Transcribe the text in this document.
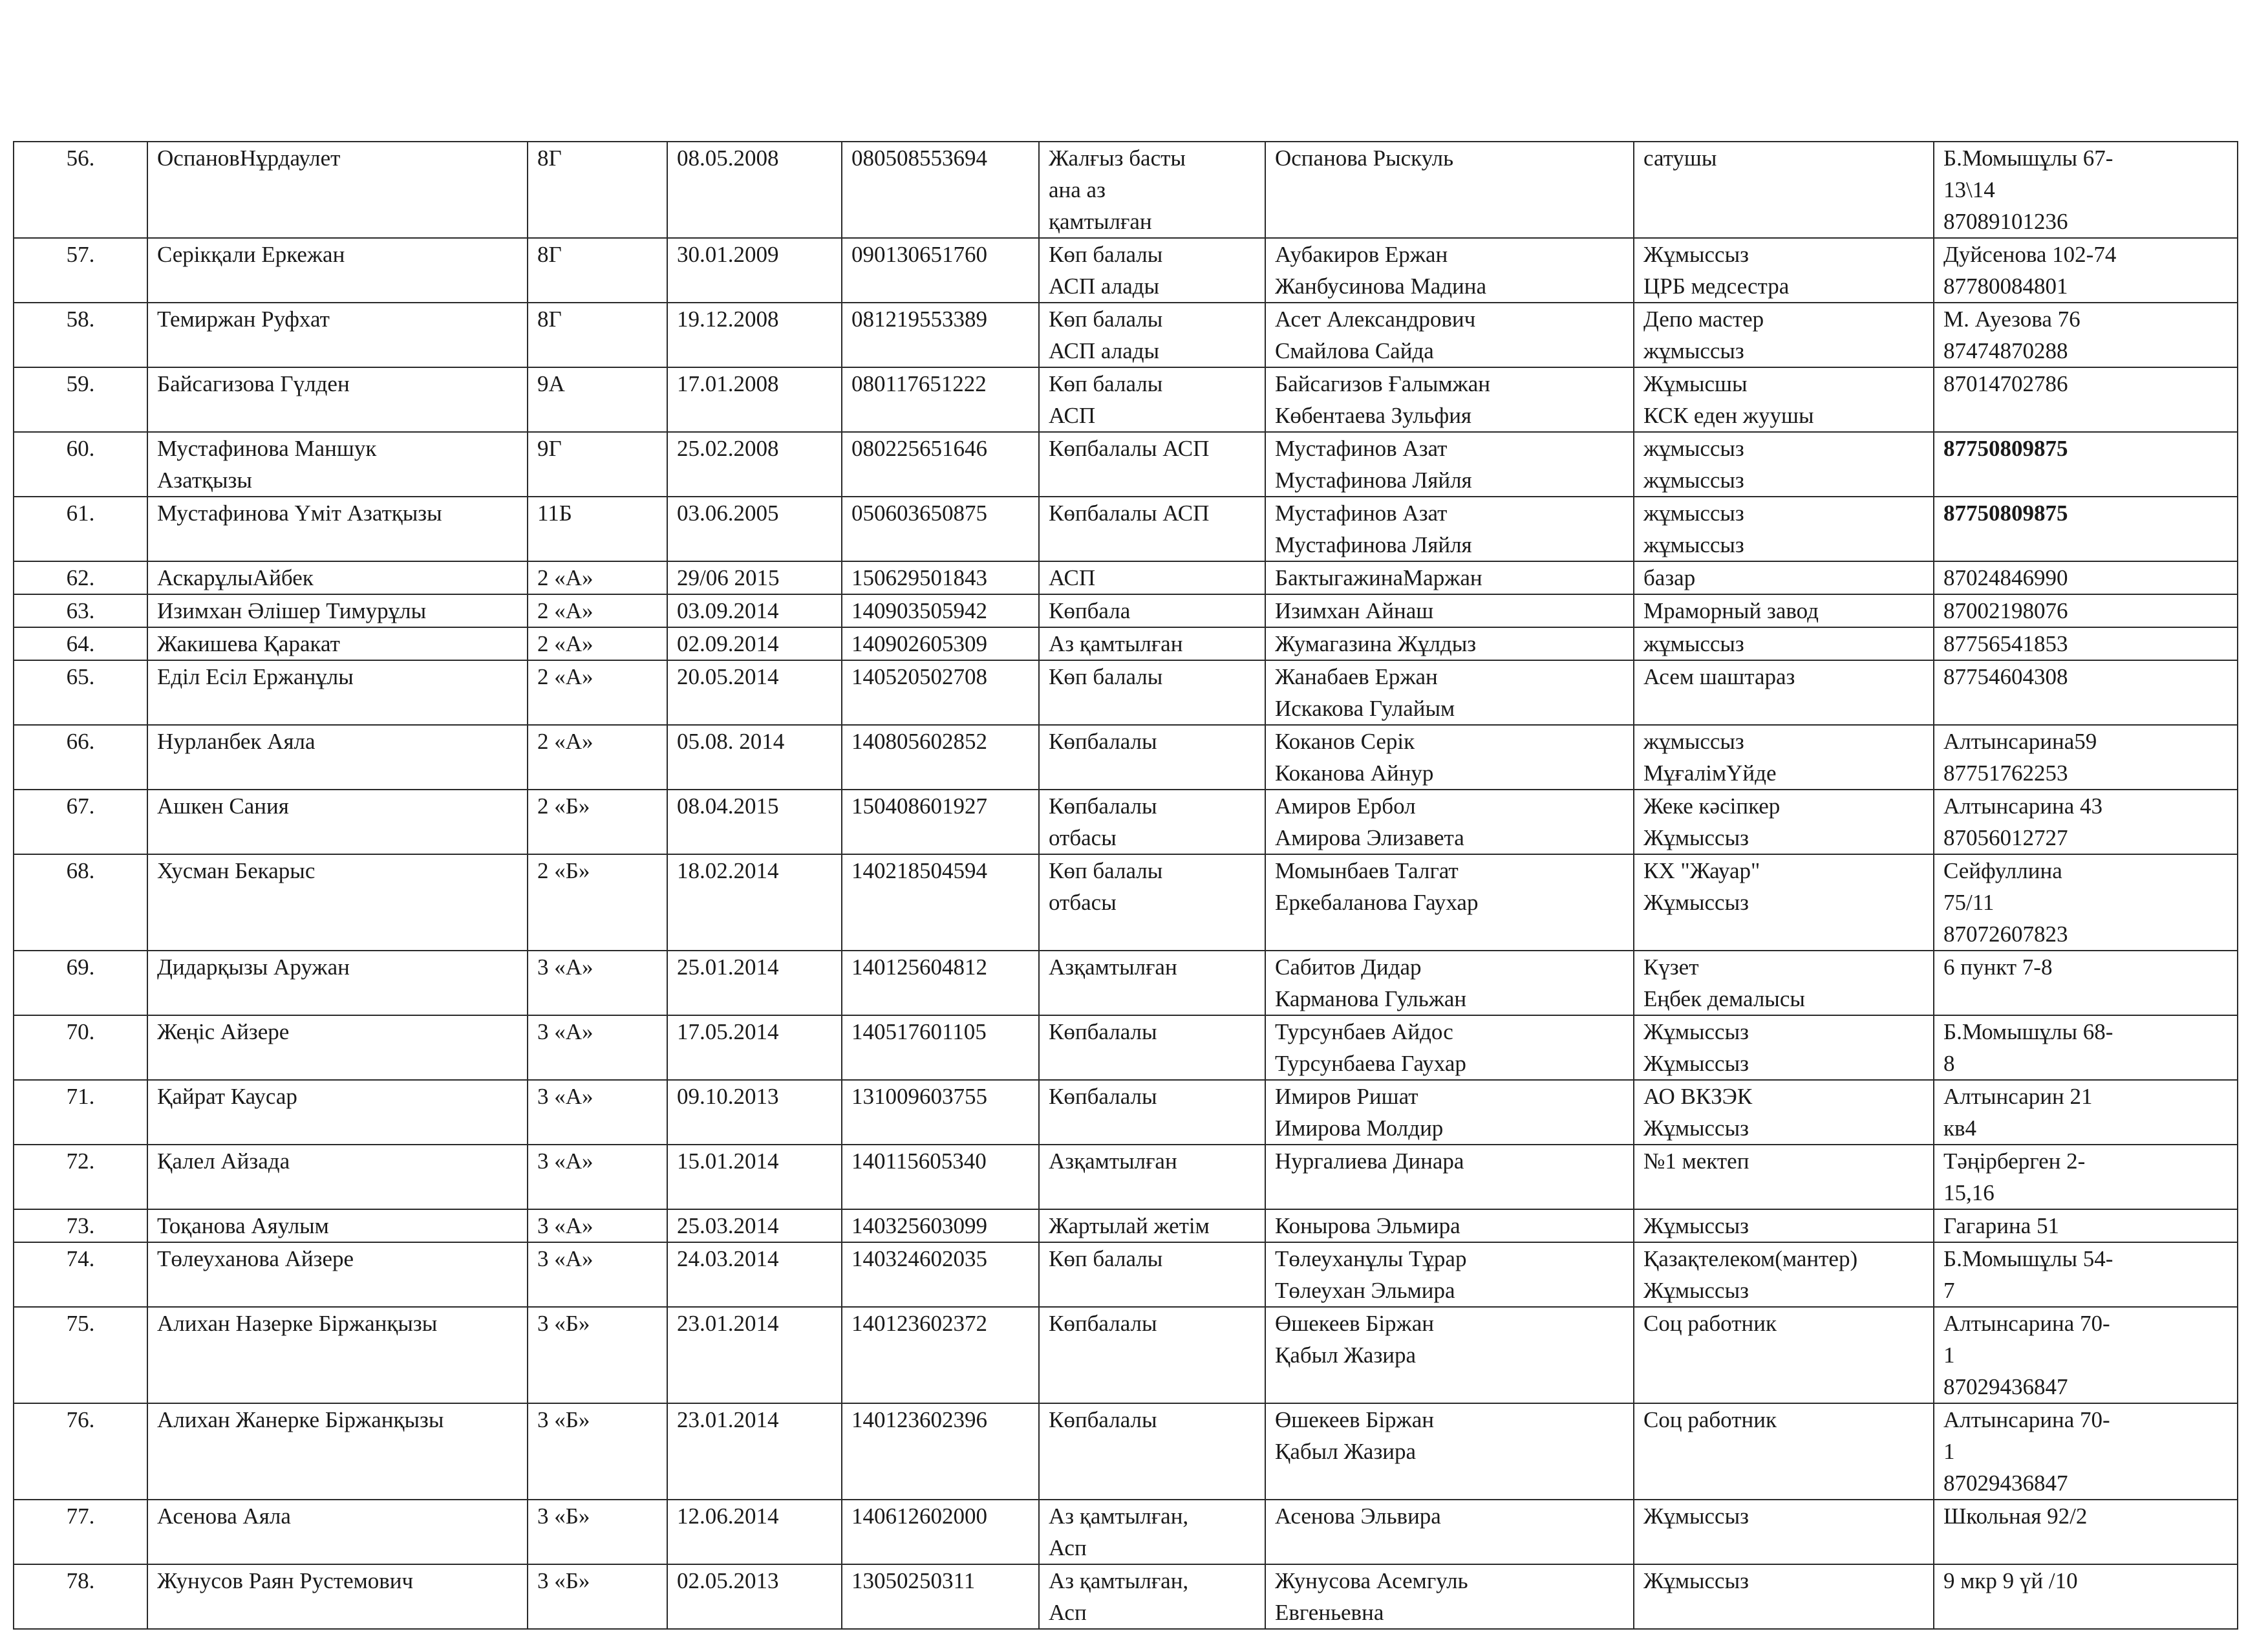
56.	ОспановНұрдаулет	8Г	08.05.2008	080508553694	Жалғыз басты
ана аз
қамтылған	Оспанова Рыскуль	сатушы	Б.Момышұлы 67-
13\14
87089101236
57.	Серікқали Еркежан	8Г	30.01.2009	090130651760	Көп балалы
АСП алады	Аубакиров Ержан
Жанбусинова Мадина	Жұмыссыз
ЦРБ медсестра	Дуйсенова 102-74
87780084801
58.	Темиржан Руфхат	8Г	19.12.2008	081219553389	Көп балалы
АСП алады	Асет Александрович
Смайлова Сайда	Депо мастер
жұмыссыз	М. Ауезова 76
87474870288
59.	Байсагизова Гүлден	9А	17.01.2008	080117651222	Көп балалы
АСП	Байсагизов Ғалымжан
Көбентаева Зульфия	Жұмысшы
КСК еден жуушы	87014702786
60.	Мустафинова Маншук
Азатқызы	9Г	25.02.2008	080225651646	Көпбалалы АСП	Мустафинов Азат
Мустафинова Ляйля	жұмыссыз
жұмыссыз	87750809875
61.	Мустафинова Үміт Азатқызы	11Б	03.06.2005	050603650875	Көпбалалы АСП	Мустафинов Азат
Мустафинова Ляйля	жұмыссыз
жұмыссыз	87750809875
62.	АскарұлыАйбек	2 «А»	29/06 2015	150629501843	АСП	БактыгажинаМаржан	базар	87024846990
63.	Изимхан Әлішер Тимурұлы	2 «А»	03.09.2014	140903505942	Көпбала	Изимхан Айнаш	Мраморный завод	87002198076
64.	Жакишева Қаракат	2 «А»	02.09.2014	140902605309	Аз қамтылған	Жумагазина Жұлдыз	жұмыссыз	87756541853
65.	Еділ Есіл Ержанұлы	2 «А»	20.05.2014	140520502708	Көп балалы	Жанабаев Ержан
Искакова Гулайым	Асем шаштараз	87754604308
66.	Нурланбек Аяла	2 «А»	05.08. 2014	140805602852	Көпбалалы	Коканов Серік
Коканова Айнур	жұмыссыз
МұғалімҮйде	Алтынсарина59
87751762253
67.	Ашкен Сания	2 «Б»	08.04.2015	150408601927	Көпбалалы
отбасы	Амиров Ербол
Амирова Элизавета	Жеке кәсіпкер
Жұмыссыз	Алтынсарина 43
87056012727
68.	Хусман Бекарыс	2 «Б»	18.02.2014	140218504594	Көп балалы
отбасы	Момынбаев Талгат
Еркебаланова Гаухар	КХ "Жауар"
Жұмыссыз	Сейфуллина
75/11
87072607823
69.	Дидарқызы Аружан	3 «А»	25.01.2014	140125604812	Азқамтылған	Сабитов Дидар
Карманова Гульжан	Күзет
Еңбек демалысы	6 пункт 7-8
70.	Жеңіс Айзере	3 «А»	17.05.2014	140517601105	Көпбалалы	Турсунбаев Айдос
Турсунбаева Гаухар	Жұмыссыз
Жұмыссыз	Б.Момышұлы 68-
8
71.	Қайрат Каусар	3 «А»	09.10.2013	131009603755	Көпбалалы	Имиров Ришат
Имирова Молдир	АО ВКЗЭК
Жұмыссыз	Алтынсарин 21
кв4
72.	Қалел Айзада	3 «А»	15.01.2014	140115605340	Азқамтылған	Нургалиева Динара	№1 мектеп	Тәңірберген 2-
15,16
73.	Тоқанова Аяулым	3 «А»	25.03.2014	140325603099	Жартылай жетім	Конырова Эльмира	Жұмыссыз	Гагарина 51
74.	Төлеуханова Айзере	3 «А»	24.03.2014	140324602035	Көп балалы	Төлеуханұлы Тұрар
Төлеухан Эльмира	Қазақтелеком(мантер)
Жұмыссыз	Б.Момышұлы 54-
7
75.	Алихан Назерке Біржанқызы	3 «Б»	23.01.2014	140123602372	Көпбалалы	Өшекеев Біржан
Қабыл Жазира	Соц работник	Алтынсарина 70-
1
87029436847
76.	Алихан Жанерке Біржанқызы	3 «Б»	23.01.2014	140123602396	Көпбалалы	Өшекеев Біржан
Қабыл Жазира	Соц работник	Алтынсарина 70-
1
87029436847
77.	Асенова Аяла	3 «Б»	12.06.2014	140612602000	Аз қамтылған,
Асп	Асенова Эльвира	Жұмыссыз	Школьная 92/2
78.	Жунусов Раян Рустемович	3 «Б»	02.05.2013	13050250311	Аз қамтылған,
Асп	Жунусова Асемгуль
Евгеньевна	Жұмыссыз	9 мкр 9 үй /10
